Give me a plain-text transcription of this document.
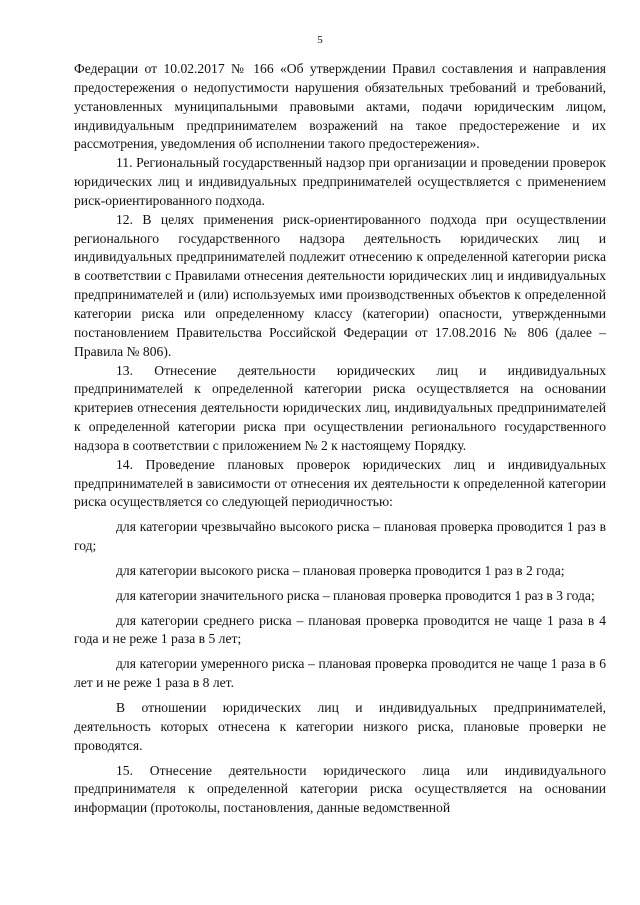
5

Федерации от 10.02.2017 № 166 «Об утверждении Правил составления и направления предостережения о недопустимости нарушения обязательных требований и требований, установленных муниципальными правовыми актами, подачи юридическим лицом, индивидуальным предпринимателем возражений на такое предостережение и их рассмотрения, уведомления об исполнении такого предостережения».

11. Региональный государственный надзор при организации и проведении проверок юридических лиц и индивидуальных предпринимателей осуществляется с применением риск-ориентированного подхода.

12. В целях применения риск-ориентированного подхода при осуществлении регионального государственного надзора деятельность юридических лиц и индивидуальных предпринимателей подлежит отнесению к определенной категории риска в соответствии с Правилами отнесения деятельности юридических лиц и индивидуальных предпринимателей и (или) используемых ими производственных объектов к определенной категории риска или определенному классу (категории) опасности, утвержденными постановлением Правительства Российской Федерации от 17.08.2016 № 806 (далее – Правила № 806).

13. Отнесение деятельности юридических лиц и индивидуальных предпринимателей к определенной категории риска осуществляется на основании критериев отнесения деятельности юридических лиц, индивидуальных предпринимателей к определенной категории риска при осуществлении регионального государственного надзора в соответствии с приложением № 2 к настоящему Порядку.

14. Проведение плановых проверок юридических лиц и индивидуальных предпринимателей в зависимости от отнесения их деятельности к определенной категории риска осуществляется со следующей периодичностью:

для категории чрезвычайно высокого риска – плановая проверка проводится 1 раз в год;

для категории высокого риска – плановая проверка проводится 1 раз в 2 года;

для категории значительного риска – плановая проверка проводится 1 раз в 3 года;

для категории среднего риска – плановая проверка проводится не чаще 1 раза в 4 года и не реже 1 раза в 5 лет;

для категории умеренного риска – плановая проверка проводится не чаще 1 раза в 6 лет и не реже 1 раза в 8 лет.

В отношении юридических лиц и индивидуальных предпринимателей, деятельность которых отнесена к категории низкого риска, плановые проверки не проводятся.

15. Отнесение деятельности юридического лица или индивидуального предпринимателя к определенной категории риска осуществляется на основании информации (протоколы, постановления, данные ведомственной
